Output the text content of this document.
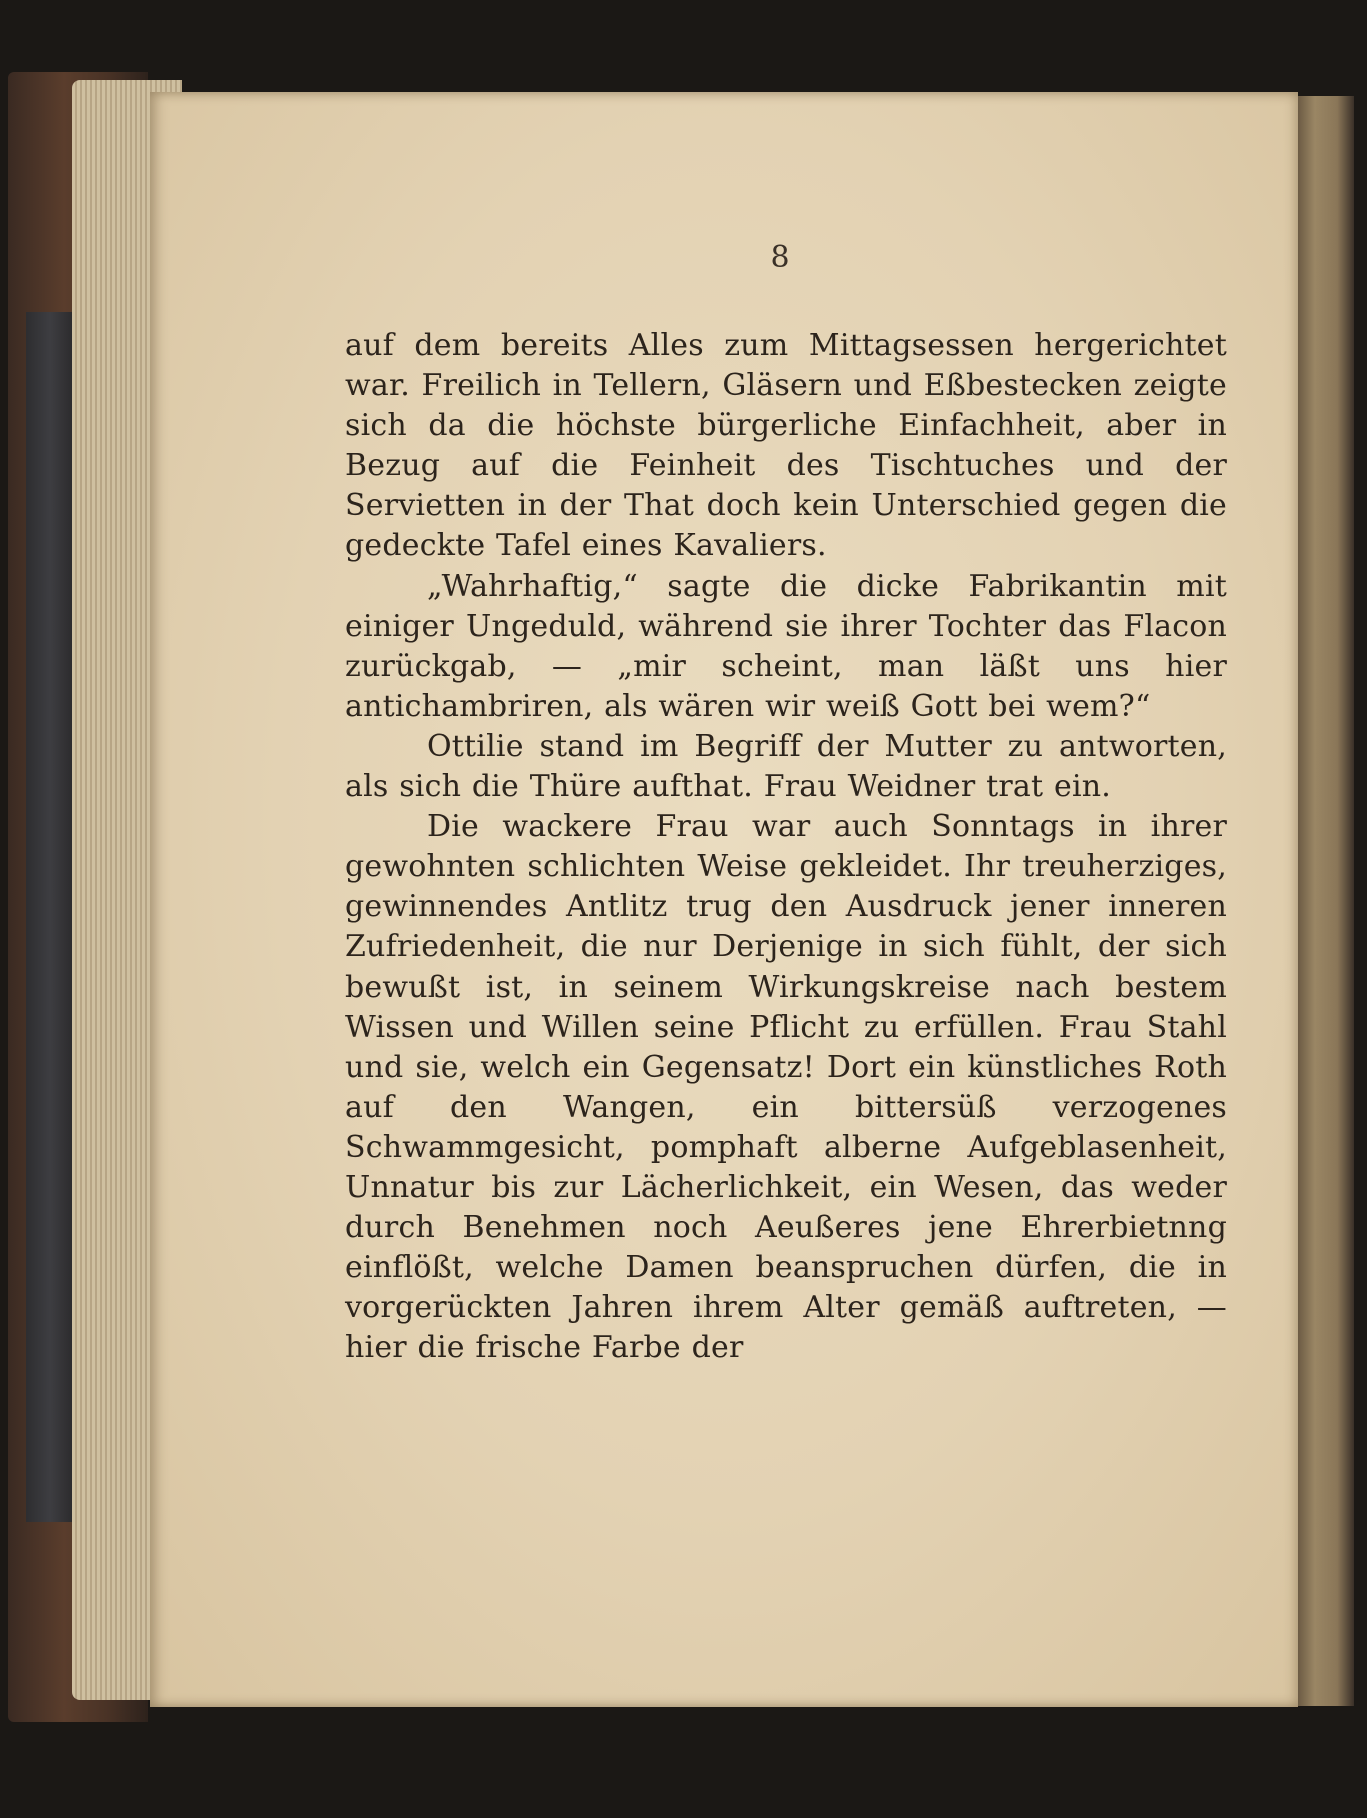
8

auf dem bereits Alles zum Mittagsessen hergerichtet war. Freilich in Tellern, Gläsern und Eßbestecken zeigte sich da die höchste bürgerliche Einfachheit, aber in Bezug auf die Feinheit des Tischtuches und der Servietten in der That doch kein Unterschied gegen die gedeckte Tafel eines Kavaliers.

„Wahrhaftig,“ sagte die dicke Fabrikantin mit einiger Ungeduld, während sie ihrer Tochter das Flacon zurückgab, — „mir scheint, man läßt uns hier antichambriren, als wären wir weiß Gott bei wem?“

Ottilie stand im Begriff der Mutter zu antworten, als sich die Thüre aufthat. Frau Weidner trat ein.

Die wackere Frau war auch Sonntags in ihrer gewohnten schlichten Weise gekleidet. Ihr treuherziges, gewinnendes Antlitz trug den Ausdruck jener inneren Zufriedenheit, die nur Derjenige in sich fühlt, der sich bewußt ist, in seinem Wirkungskreise nach bestem Wissen und Willen seine Pflicht zu erfüllen. Frau Stahl und sie, welch ein Gegensatz! Dort ein künstliches Roth auf den Wangen, ein bittersüß verzogenes Schwammgesicht, pomphaft alberne Aufgeblasenheit, Unnatur bis zur Lächerlichkeit, ein Wesen, das weder durch Benehmen noch Aeußeres jene Ehrerbietnng einflößt, welche Damen beanspruchen dürfen, die in vorgerückten Jahren ihrem Alter gemäß auftreten, — hier die frische Farbe der
